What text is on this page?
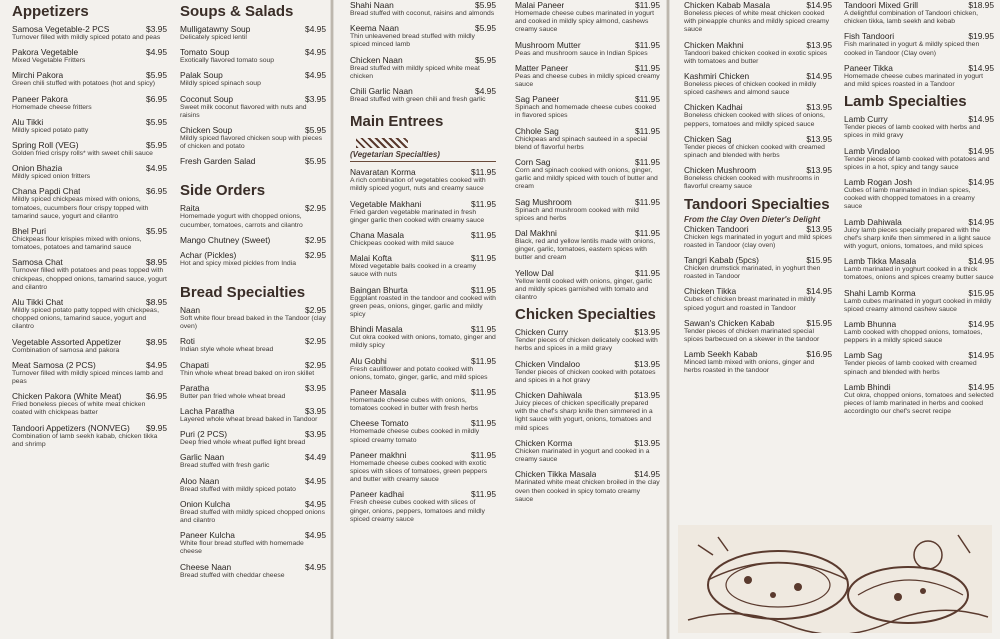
Appetizers
Samosa Vegetable-2 PCS	$3.95
Turnover filled with mildly spiced potato and peas
Pakora Vegetable	$4.95
Mixed Vegetable Fritters
Mirchi Pakora	$5.95
Green chili stuffed with potatoes (hot and spicy)
Paneer Pakora	$6.95
Homemade cheese fritters
Alu Tikki	$5.95
Mildly spiced potato patty
Spring Roll (VEG)	$5.95
Golden fried crispy rolls* with sweet chili sauce
Onion Bhazia	$4.95
Mildly spiced onion fritters
Chana Papdi Chat	$6.95
Mildly spiced chickpeas mixed with onions, tomatoes, cucumbers flour crispy topped with tamarind sauce, yogurt and cilantro
Bhel Puri	$5.95
Chickpeas flour krispies mixed with onions, tomatoes, potatoes and tamarind sauce
Samosa Chat	$8.95
Turnover filled with potatoes and peas topped with chickpeas, chopped onions, tamarind sauce, yogurt and cilantro
Alu Tikki Chat	$8.95
Mildly spiced potato patty topped with chickpeas, chopped onions, tamarind sauce, yogurt and cilantro
Vegetable Assorted Appetizer	$8.95
Combination of samosa and pakora
Meat Samosa (2 PCS)	$4.95
Turnover filled with mildly spiced minces lamb and peas
Chicken Pakora (White Meat)	$6.95
Fried boneless pieces of white meat chicken coated with chickpeas batter
Tandoori Appetizers (NONVEG)	$9.95
Combination of lamb seekh kabab, chicken tikka and shrimp
Soups & Salads
Mulligatawny Soup	$4.95
Delicately spiced lentil
Tomato Soup	$4.95
Exotically flavored tomato soup
Palak Soup	$4.95
Mildly spiced spinach soup
Coconut Soup	$3.95
Sweet milk coconut flavored with nuts and raisins
Chicken Soup	$5.95
Mildly spiced flavored chicken soup with pieces of chicken and potato
Fresh Garden Salad	$5.95
Side Orders
Raita	$2.95
Homemade yogurt with chopped onions, cucumber, tomatoes, carrots and cilantro
Mango Chutney (Sweet)	$2.95
Achar (Pickles)	$2.95
Hot and spicy mixed pickles from India
Bread Specialties
Naan	$2.95
Soft white flour bread baked in the Tandoor (clay oven)
Roti	$2.95
Indian style whole wheat bread
Chapati	$2.95
Thin whole wheat bread baked on iron skillet
Paratha	$3.95
Butter pan fried whole wheat bread
Lacha Paratha	$3.95
Layered whole wheat bread baked in Tandoor
Puri (2 PCS)	$3.95
Deep fried whole wheat puffed light bread
Garlic Naan	$4.49
Bread stuffed with fresh garlic
Aloo Naan	$4.95
Bread stuffed with mildly spiced potato
Onion Kulcha	$4.95
Bread stuffed with mildly spiced chopped onions and cilantro
Paneer Kulcha	$4.95
White flour bread stuffed with homemade cheese
Cheese Naan	$4.95
Bread stuffed with cheddar cheese
Shahi Naan	$5.95
Bread stuffed with coconut, raisins and almonds
Keema Naan	$5.95
Thin unleavened bread stuffed with mildly spiced minced lamb
Chicken Naan	$5.95
Bread stuffed with mildly spiced white meat chicken
Chili Garlic Naan	$4.95
Bread stuffed with green chili and fresh garlic
Main Entrees
(Vegetarian Specialties)
Navaratan Korma	$11.95
A rich combination of vegetables cooked with mildly spiced yogurt, nuts and creamy sauce
Vegetable Makhani	$11.95
Fried garden vegetable marinated in fresh ginger garlic then cooked with creamy sauce
Chana Masala	$11.95
Chickpeas cooked with mild sauce
Malai Kofta	$11.95
Mixed vegetable balls cooked in a creamy sauce with nuts
Baingan Bhurta	$11.95
Eggplant roasted in the tandoor and cooked with green peas, onions, ginger, garlic and mildly spicy
Bhindi Masala	$11.95
Cut okra cooked with onions, tomato, ginger and mildly spicy
Alu Gobhi	$11.95
Fresh cauliflower and potato cooked with onions, tomato, ginger, garlic, and mild spices
Paneer Masala	$11.95
Homemade cheese cubes with onions, tomatoes cooked in butter with fresh herbs
Cheese Tomato	$11.95
Homemade cheese cubes cooked in mildly spiced creamy tomato
Paneer makhni	$11.95
Homemade cheese cubes cooked with exotic spices with slices of tomatoes, green peppers and butter with creamy sauce
Paneer kadhai	$11.95
Fresh cheese cubes cooked with slices of ginger, onions, peppers, tomatoes and mildly spiced creamy sauce
Malai Paneer	$11.95
Homemade cheese cubes marinated in yogurt and cooked in mildly spicy almond, cashews creamy sauce
Mushroom Mutter	$11.95
Peas and mushroom sauce in Indian Spices
Matter Paneer	$11.95
Peas and cheese cubes in mildly spiced creamy sauce
Sag Paneer	$11.95
Spinach and homemade cheese cubes cooked in flavored spices
Chhole Sag	$11.95
Chickpeas and spinach sauteed in a special blend of flavorful herbs
Corn Sag	$11.95
Corn and spinach cooked with onions, ginger, garlic and mildly spiced with touch of butter and cream
Sag Mushroom	$11.95
Spinach and mushroom cooked with mild spices and herbs
Dal Makhni	$11.95
Black, red and yellow lentils made with onions, ginger, garlic, tomatoes, eastern spices with butter and cream
Yellow Dal	$11.95
Yellow lentil cooked with onions, ginger, garlic and mildly spices garnished with tomato and cilantro
Chicken Specialties
Chicken Curry	$13.95
Tender pieces of chicken delicately cooked with herbs and spices in a mild gravy
Chicken Vindaloo	$13.95
Tender pieces of chicken cooked with potatoes and spices in a hot gravy
Chicken Dahiwala	$13.95
Juicy pieces of chicken specifically prepared with the chef's sharp knife then simmered in a light sauce with yogurt, onions, tomatoes and mild spices
Chicken Korma	$13.95
Chicken marinated in yogurt and cooked in a creamy sauce
Chicken Tikka Masala	$14.95
Marinated white meat chicken broiled in the clay oven then cooked in spicy tomato creamy sauce
Chicken Kabab Masala	$14.95
Boneless pieces of white meat chicken cooked with pineapple chunks and mildly spiced creamy sauce
Chicken Makhni	$13.95
Tandoori baked chicken cooked in exotic spices with tomatoes and butter
Kashmiri Chicken	$14.95
Boneless pieces of chicken cooked in mildly spiced cashews and almond sauce
Chicken Kadhai	$13.95
Boneless chicken cooked with slices of onions, peppers, tomatoes and mildly spiced sauce
Chicken Sag	$13.95
Tender pieces of chicken cooked with creamed spinach and blended with herbs
Chicken Mushroom	$13.95
Boneless chicken cooked with mushrooms in flavorful creamy sauce
Tandoori Specialties
From the Clay Oven Dieter's Delight
Chicken Tandoori	$13.95
Chicken legs marinated in yogurt and mild spices roasted in Tandoor (clay oven)
Tangri Kabab (5pcs)	$15.95
Chicken drumstick marinated, in yoghurt then roasted in Tandoor
Chicken Tikka	$14.95
Cubes of chicken breast marinated in mildly spiced yogurt and roasted in Tandoor
Sawan's Chicken Kabab	$15.95
Tender pieces of chicken marinated special spices barbecued on a skewer in the tandoor
Lamb Seekh Kabab	$16.95
Minced lamb mixed with onions, ginger and herbs roasted in the tandoor
Tandoori Mixed Grill	$18.95
A delightful combination of Tandoori chicken, chicken tikka, lamb seekh and kebab
Fish Tandoori	$19.95
Fish marinated in yogurt & mildly spiced then cooked in Tandoor (Clay oven)
Paneer Tikka	$14.95
Homemade cheese cubes marinated in yogurt and mild spices roasted in a Tandoor
Lamb Specialties
Lamb Curry	$14.95
Tender pieces of lamb cooked with herbs and spices in mild gravy
Lamb Vindaloo	$14.95
Tender pieces of lamb cooked with potatoes and spices in a hot, spicy and tangy sauce
Lamb Rogan Josh	$14.95
Cubes of lamb marinated in Indian spices, cooked with chopped tomatoes in a creamy sauce
Lamb Dahiwala	$14.95
Juicy lamb pieces specially prepared with the chef's sharp knife then simmered in a light sauce with yogurt, onions, tomatoes, and mild spices
Lamb Tikka Masala	$14.95
Lamb marinated in yoghurt cooked in a thick tomatoes, onions and spices creamy butter sauce
Shahi Lamb Korma	$15.95
Lamb cubes marinated in yogurt cooked in mildly spiced creamy almond cashew sauce
Lamb Bhunna	$14.95
Lamb cooked with chopped onions, tomatoes, peppers in a mildly spiced sauce
Lamb Sag	$14.95
Tender pieces of lamb cooked with creamed spinach and blended with herbs
Lamb Bhindi	$14.95
Cut okra, chopped onions, tomatoes and selected pieces of lamb marinated in herbs and cooked accordingto our chef's secret recipe
